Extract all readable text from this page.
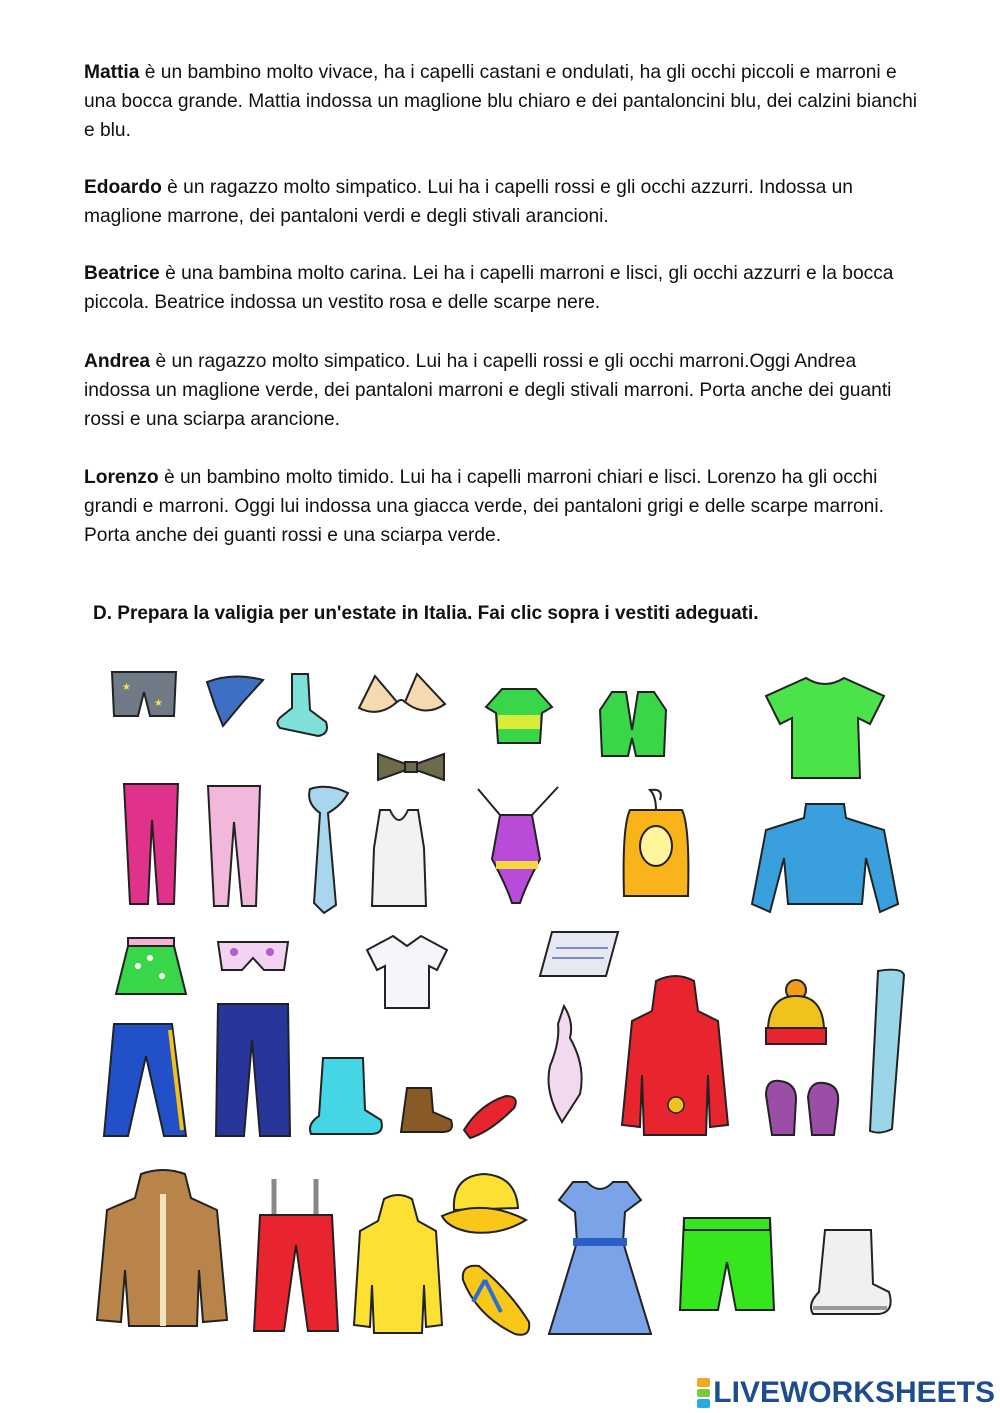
Mattia è un bambino molto vivace, ha i capelli castani e ondulati, ha gli occhi piccoli e marroni e una bocca grande. Mattia indossa un maglione blu chiaro e dei pantaloncini blu, dei calzini bianchi e blu.

Edoardo è un ragazzo molto simpatico. Lui ha i capelli rossi e gli occhi azzurri. Indossa un maglione marrone, dei pantaloni verdi e degli stivali arancioni.

Beatrice è una bambina molto carina. Lei ha i capelli marroni e lisci, gli occhi azzurri e la bocca piccola. Beatrice indossa un vestito rosa e delle scarpe nere.

Andrea è un ragazzo molto simpatico. Lui ha i capelli rossi e gli occhi marroni.Oggi Andrea indossa un maglione verde, dei pantaloni marroni e degli stivali marroni. Porta anche dei guanti rossi e una sciarpa arancione.

Lorenzo è un bambino molto timido. Lui ha i capelli marroni chiari e lisci. Lorenzo ha gli occhi grandi e marroni. Oggi lui indossa una giacca verde, dei pantaloni grigi e delle scarpe marroni. Porta anche dei guanti rossi e una sciarpa verde.

D. Prepara la valigia per un'estate in Italia. Fai clic sopra i vestiti adeguati.

★
★
LIVEWORKSHEETS
